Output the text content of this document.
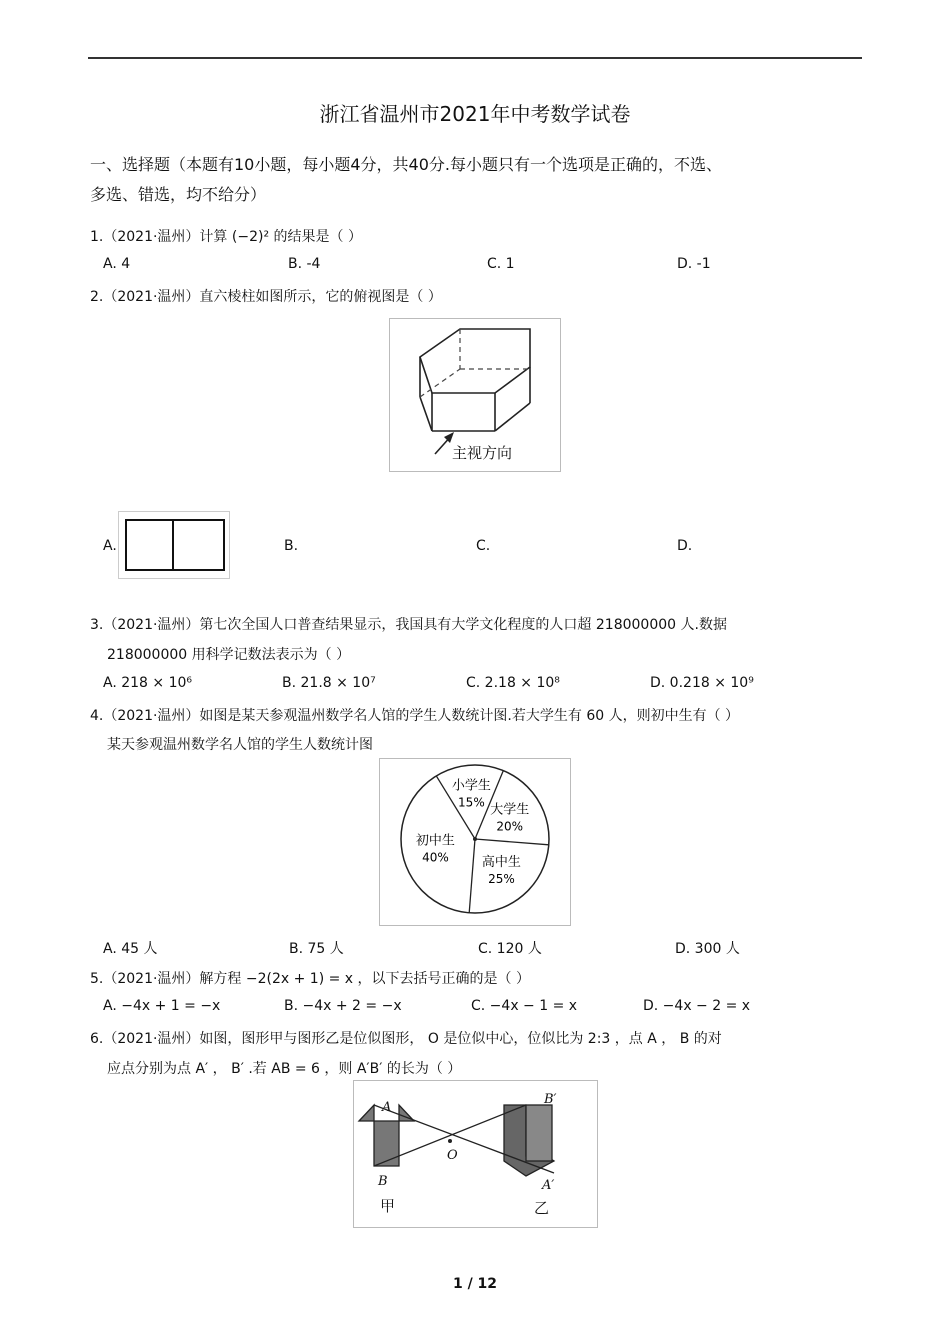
浙江省温州市2021年中考数学试卷
一、选择题（本题有10小题，每小题4分，共40分.每小题只有一个选项是正确的，不选、
多选、错选，均不给分）
1.（2021·温州）计算 (−2)² 的结果是（ ）
A. 4	B. -4	C. 1	D. -1
2.（2021·温州）直六棱柱如图所示，它的俯视图是（ ）
主视方向
A.	B.	C.	D.
3.（2021·温州）第七次全国人口普查结果显示，我国具有大学文化程度的人口超 218000000 人.数据
218000000 用科学记数法表示为（ ）
A. 218 × 10⁶	B. 21.8 × 10⁷	C. 2.18 × 10⁸	D. 0.218 × 10⁹
4.（2021·温州）如图是某天参观温州数学名人馆的学生人数统计图.若大学生有 60 人，则初中生有（ ）
某天参观温州数学名人馆的学生人数统计图
小学生
15%
大学生
20%
高中生
25%
初中生
40%
A. 45 人	B. 75 人	C. 120 人	D. 300 人
5.（2021·温州）解方程 −2(2x + 1) = x ，以下去括号正确的是（ ）
A. −4x + 1 = −x	B. −4x + 2 = −x	C. −4x − 1 = x	D. −4x − 2 = x
6.（2021·温州）如图，图形甲与图形乙是位似图形， O 是位似中心，位似比为 2:3 ，点 A ， B 的对
应点分别为点 A′ ， B′ .若 AB = 6 ，则 A′B′ 的长为（ ）
A
B
B′
A′
O
甲	乙
1 / 12
